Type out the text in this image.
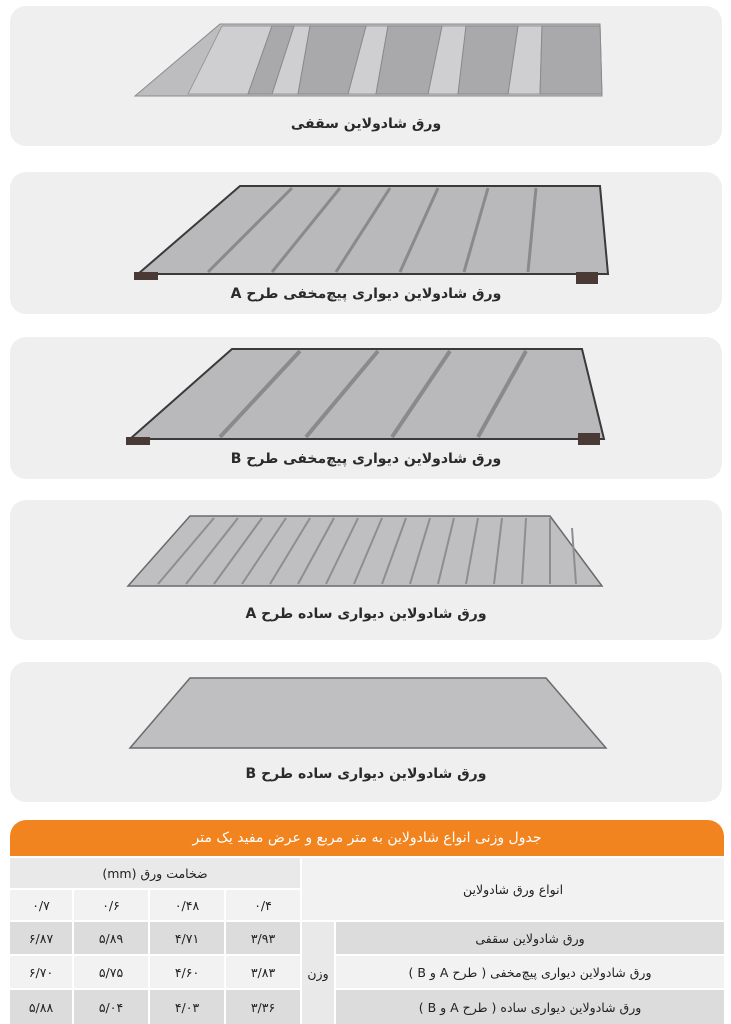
ورق شادولاین سقفی
ورق شادولاین دیواری پیچ‌مخفی طرح A
ورق شادولاین دیواری پیچ‌مخفی طرح B
ورق شادولاین دیواری ساده طرح A
ورق شادولاین دیواری ساده طرح B
جدول وزنی انواع شادولاین به متر مربع و عرض مفید یک متر
انواع ورق شادولاین
ضخامت ورق (mm)
۰/۴
۰/۴۸
۰/۶
۰/۷
وزن
ورق شادولاین سقفی
۳/۹۳
۴/۷۱
۵/۸۹
۶/۸۷
ورق شادولاین دیواری پیچ‌مخفی ( طرح A و B )
۳/۸۳
۴/۶۰
۵/۷۵
۶/۷۰
ورق شادولاین دیواری ساده ( طرح A و B )
۳/۳۶
۴/۰۳
۵/۰۴
۵/۸۸
